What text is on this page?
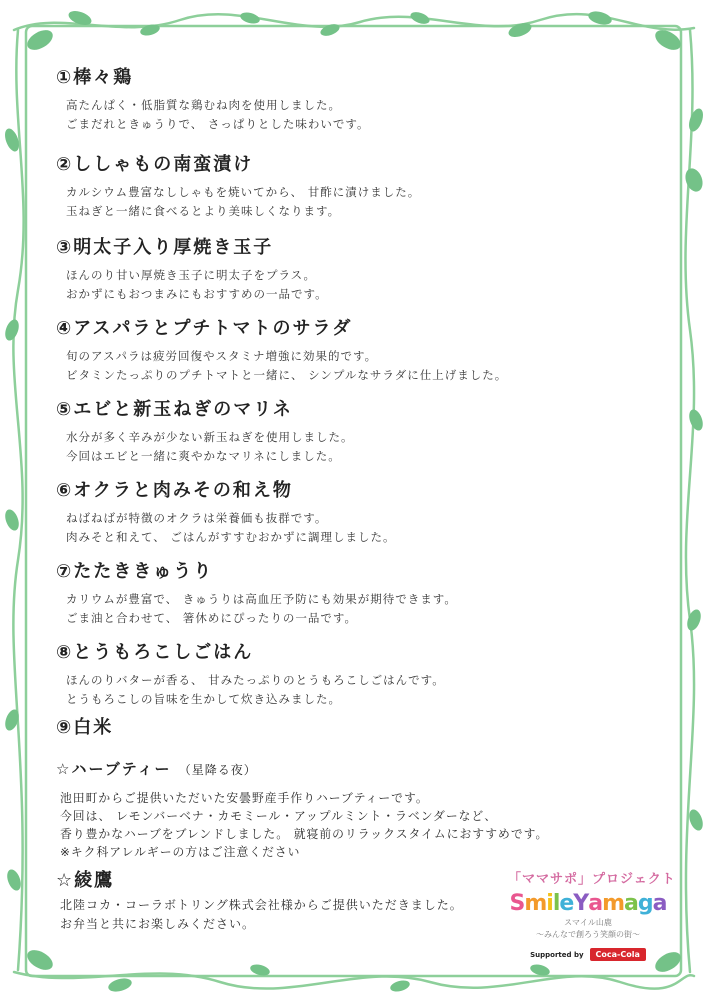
①棒々鶏
高たんぱく・低脂質な鶏むね肉を使用しました。
ごまだれときゅうりで、 さっぱりとした味わいです。
②ししゃもの南蛮漬け
カルシウム豊富なししゃもを焼いてから、 甘酢に漬けました。
玉ねぎと一緒に食べるとより美味しくなります。
③明太子入り厚焼き玉子
ほんのり甘い厚焼き玉子に明太子をプラス。
おかずにもおつまみにもおすすめの一品です。
④アスパラとプチトマトのサラダ
旬のアスパラは疲労回復やスタミナ増強に効果的です。
ビタミンたっぷりのプチトマトと一緒に、 シンプルなサラダに仕上げました。
⑤エビと新玉ねぎのマリネ
水分が多く辛みが少ない新玉ねぎを使用しました。
今回はエビと一緒に爽やかなマリネにしました。
⑥オクラと肉みその和え物
ねばねばが特徴のオクラは栄養価も抜群です。
肉みそと和えて、 ごはんがすすむおかずに調理しました。
⑦たたききゅうり
カリウムが豊富で、 きゅうりは高血圧予防にも効果が期待できます。
ごま油と合わせて、 箸休めにぴったりの一品です。
⑧とうもろこしごはん
ほんのりバターが香る、 甘みたっぷりのとうもろこしごはんです。
とうもろこしの旨味を生かして炊き込みました。
⑨白米
☆ハーブティー （星降る夜）
池田町からご提供いただいた安曇野産手作りハーブティーです。
今回は、 レモンバーベナ・カモミール・アップルミント・ラベンダーなど、
香り豊かなハーブをブレンドしました。 就寝前のリラックスタイムにおすすめです。
※キク科アレルギーの方はご注意ください
☆綾鷹
北陸コカ・コーラボトリング株式会社様からご提供いただきました。
お弁当と共にお楽しみください。
「ママサポ」プロジェクト
SmileYamaga
スマイル山鹿
〜みんなで創ろう笑顔の街〜
Supported by	Coca-Cola
